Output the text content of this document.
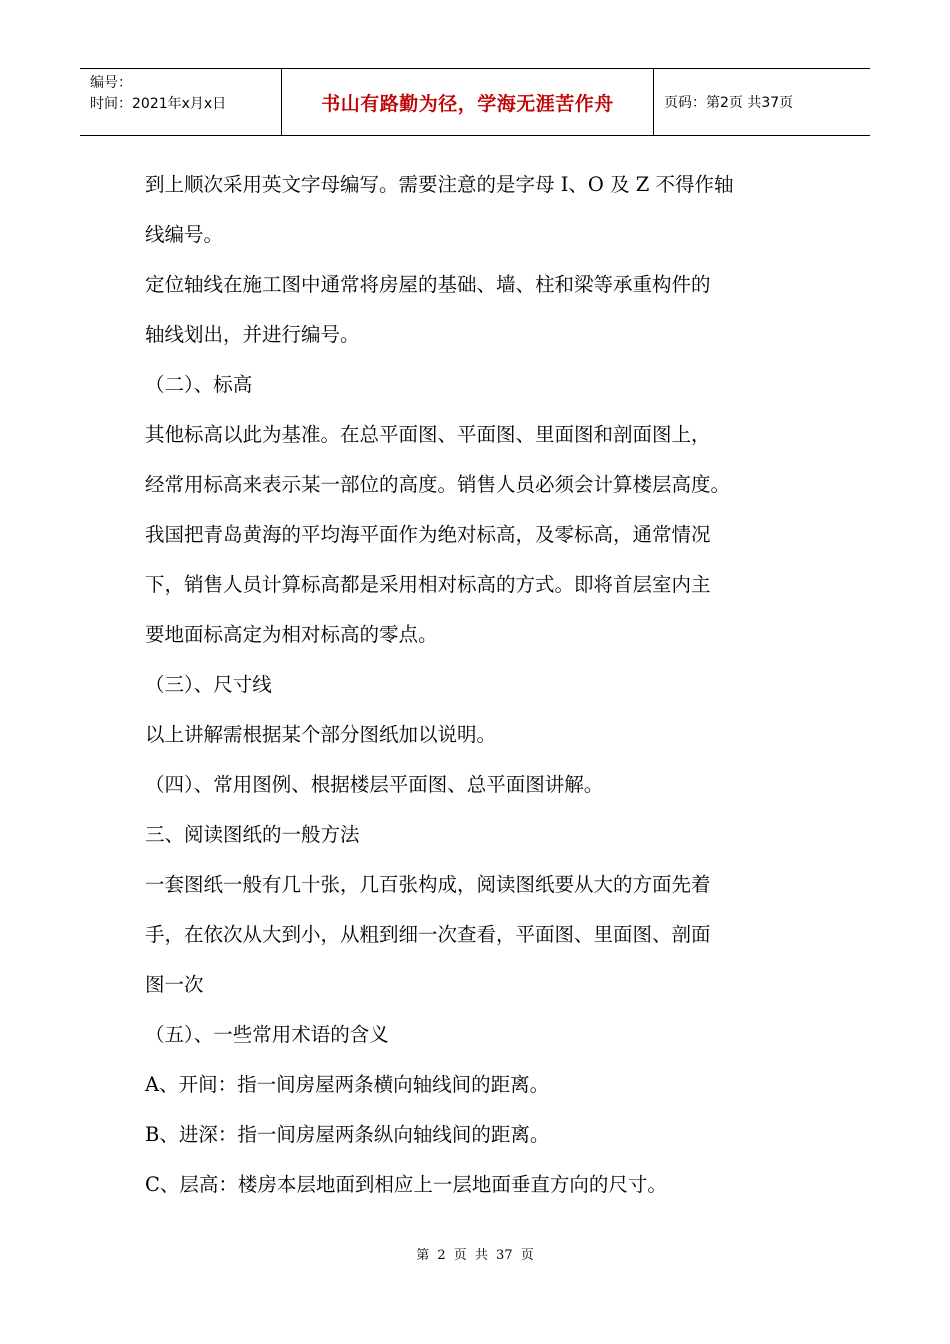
编号：
时间：2021年x月x日	书山有路勤为径，学海无涯苦作舟	页码：第2页 共37页

到上顺次采用英文字母编写。需要注意的是字母 I、O 及 Z 不得作轴

线编号。

定位轴线在施工图中通常将房屋的基础、墙、柱和梁等承重构件的

轴线划出，并进行编号。

（二）、标高

其他标高以此为基准。在总平面图、平面图、里面图和剖面图上，

经常用标高来表示某一部位的高度。销售人员必须会计算楼层高度。

我国把青岛黄海的平均海平面作为绝对标高，及零标高，通常情况

下，销售人员计算标高都是采用相对标高的方式。即将首层室内主

要地面标高定为相对标高的零点。

（三）、尺寸线

以上讲解需根据某个部分图纸加以说明。

（四）、常用图例、根据楼层平面图、总平面图讲解。

三、阅读图纸的一般方法

一套图纸一般有几十张，几百张构成，阅读图纸要从大的方面先着

手，在依次从大到小，从粗到细一次查看，平面图、里面图、剖面

图一次

（五）、一些常用术语的含义

A、开间：指一间房屋两条横向轴线间的距离。

B、进深：指一间房屋两条纵向轴线间的距离。

C、层高：楼房本层地面到相应上一层地面垂直方向的尺寸。

第 2 页 共 37 页
